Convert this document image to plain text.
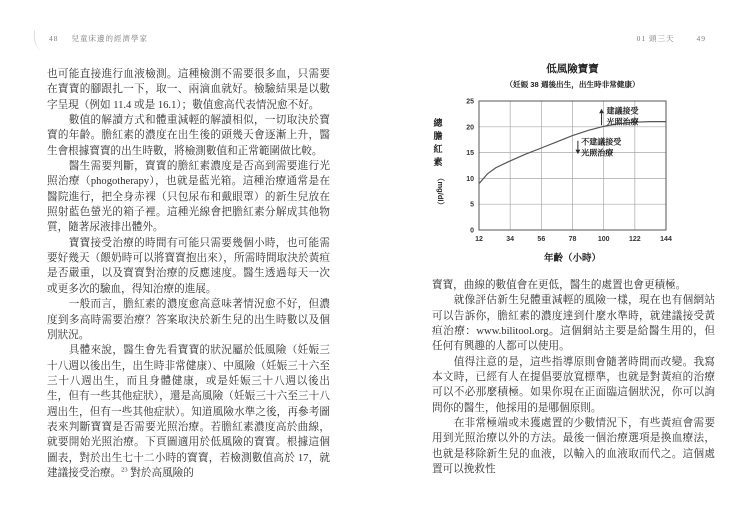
48 兒童床邊的經濟學家

也可能直接進行血液檢測。這種檢測不需要很多血，只需要在寶寶的腳跟扎一下，取一、兩滴血就好。檢驗結果是以數字呈現（例如 11.4 或是 16.1）；數值愈高代表情況愈不好。

數值的解讀方式和體重減輕的解讀相似，一切取決於寶寶的年齡。膽紅素的濃度在出生後的頭幾天會逐漸上升，醫生會根據寶寶的出生時數，將檢測數值和正常範圍做比較。

醫生需要判斷，寶寶的膽紅素濃度是否高到需要進行光照治療（phogotherapy），也就是藍光箱。這種治療通常是在醫院進行，把全身赤裸（只包尿布和戴眼罩）的新生兒放在照射藍色螢光的箱子裡。這種光線會把膽紅素分解成其他物質，隨著尿液排出體外。

寶寶接受治療的時間有可能只需要幾個小時，也可能需要好幾天（餵奶時可以將寶寶抱出來），所需時間取決於黃疸是否嚴重，以及寶寶對治療的反應速度。醫生透過每天一次或更多次的驗血，得知治療的進展。

一般而言，膽紅素的濃度愈高意味著情況愈不好，但濃度到多高時需要治療？答案取決於新生兒的出生時數以及個別狀況。

具體來說，醫生會先看寶寶的狀況屬於低風險（妊娠三十八週以後出生，出生時非常健康）、中風險（妊娠三十六至三十八週出生，而且身體健康，或是妊娠三十八週以後出生，但有一些其他症狀），還是高風險（妊娠三十六至三十八週出生，但有一些其他症狀）。知道風險水準之後，再參考圖表來判斷寶寶是否需要光照治療。若膽紅素濃度高於曲線，就要開始光照治療。下頁圖適用於低風險的寶寶。根據這個圖表，對於出生七十二小時的寶寶，若檢測數值高於 17，就建議接受治療。$^{23}$ 對於高風險的

01 頭三天	49
12	34	56	78	100	122	144
0
5
10
15
20
25
低風險寶寶
（妊娠 38 週後出生，出生時非常健康）
年齡（小時）
總
膽
紅
素
（mg/dl）
建議接受
光照治療
不建議接受
光照治療

寶寶，曲線的數值會在更低，醫生的處置也會更積極。

就像評估新生兒體重減輕的風險一樣，現在也有個網站可以告訴你，膽紅素的濃度達到什麼水準時，就建議接受黃疸治療：www.bilitool.org。這個網站主要是給醫生用的，但任何有興趣的人都可以使用。

值得注意的是，這些指導原則會隨著時間而改變。我寫本文時，已經有人在提倡要放寬標準，也就是對黃疸的治療可以不必那麼積極。如果你現在正面臨這個狀況，你可以詢問你的醫生，他採用的是哪個原則。

在非常極端或未獲處置的少數情況下，有些黃疸會需要用到光照治療以外的方法。最後一個治療選項是換血療法，也就是移除新生兒的血液，以輸入的血液取而代之。這個處置可以挽救性
